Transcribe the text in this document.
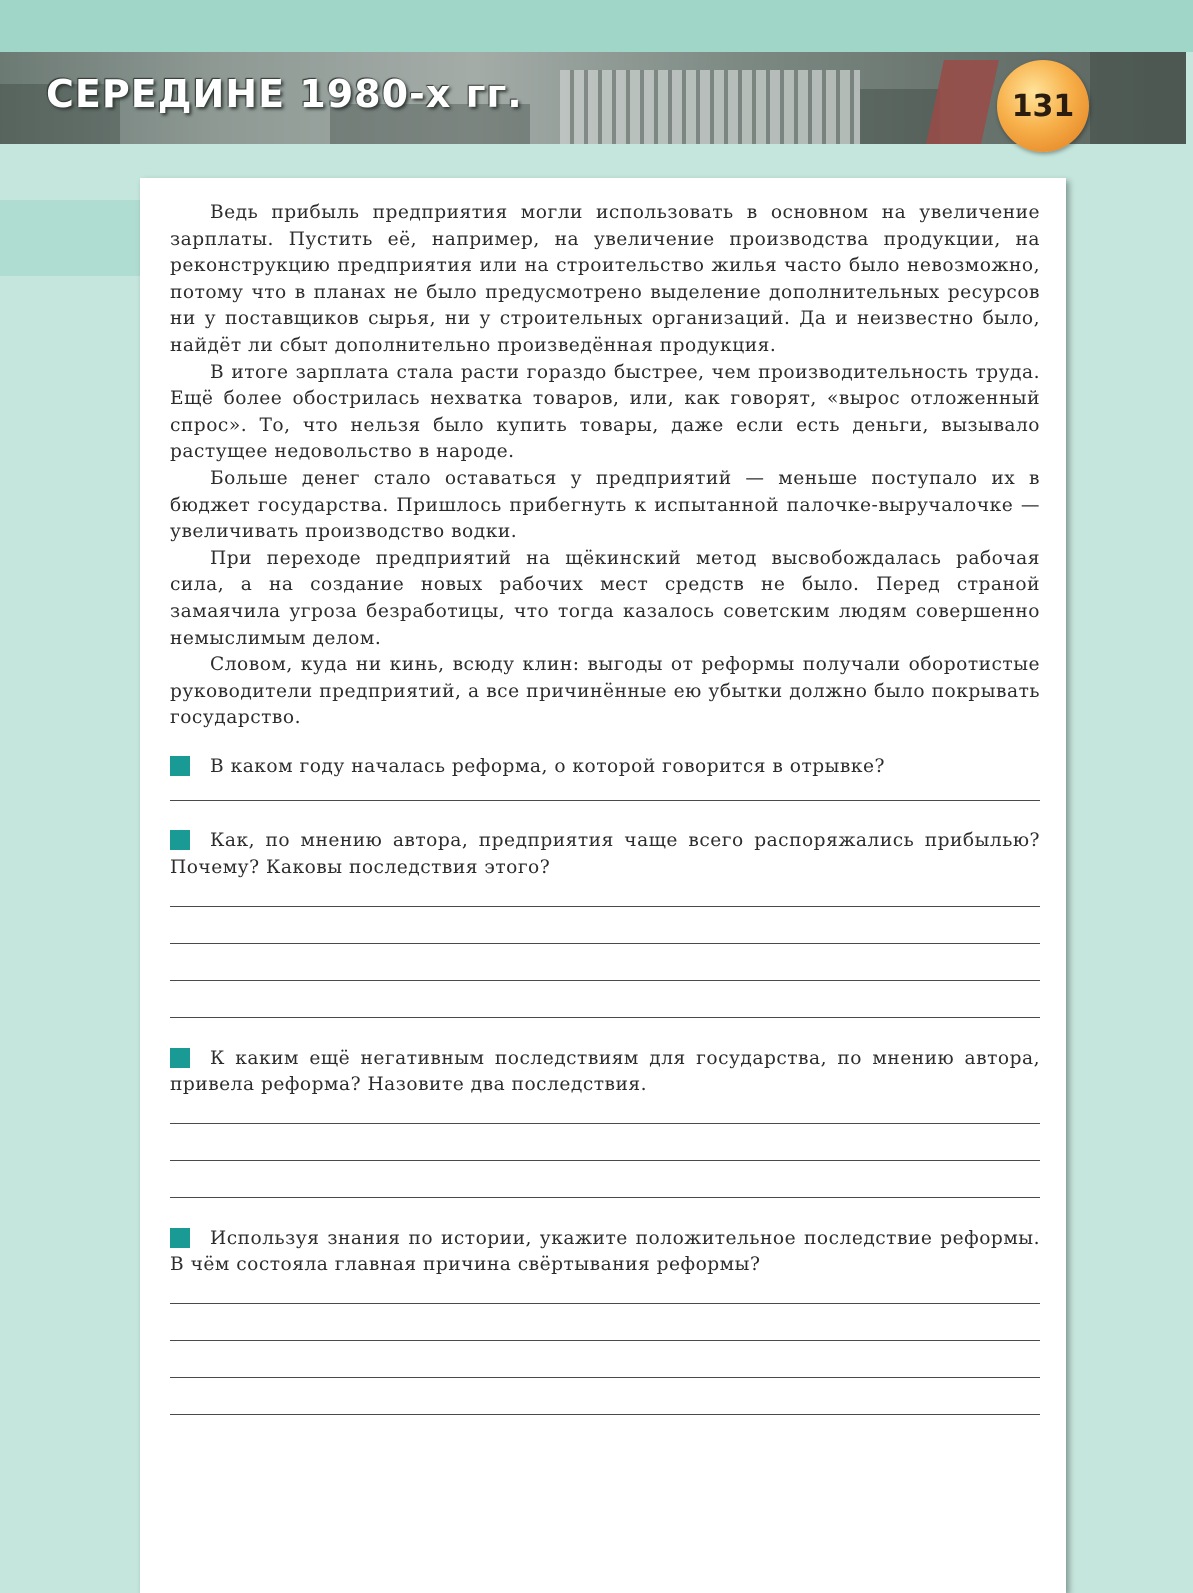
СЕРЕДИНЕ 1980-х гг.	131

Ведь прибыль предприятия могли использовать в основном на увеличение зарплаты. Пустить её, например, на увеличение производства продукции, на реконструкцию предприятия или на строительство жилья часто было невозможно, потому что в планах не было предусмотрено выделение дополнительных ресурсов ни у поставщиков сырья, ни у строительных организаций. Да и неизвестно было, найдёт ли сбыт дополнительно произведённая продукция.

В итоге зарплата стала расти гораздо быстрее, чем производительность труда. Ещё более обострилась нехватка товаров, или, как говорят, «вырос отложенный спрос». То, что нельзя было купить товары, даже если есть деньги, вызывало растущее недовольство в народе.

Больше денег стало оставаться у предприятий — меньше поступало их в бюджет государства. Пришлось прибегнуть к испытанной палочке-выручалочке — увеличивать производство водки.

При переходе предприятий на щёкинский метод высвобождалась рабочая сила, а на создание новых рабочих мест средств не было. Перед страной замаячила угроза безработицы, что тогда казалось советским людям совершенно немыслимым делом.

Словом, куда ни кинь, всюду клин: выгоды от реформы получали оборотистые руководители предприятий, а все причинённые ею убытки должно было покрывать государство.

В каком году началась реформа, о которой говорится в отрывке?

Как, по мнению автора, предприятия чаще всего распоряжались прибылью? Почему? Каковы последствия этого?

К каким ещё негативным последствиям для государства, по мнению автора, привела реформа? Назовите два последствия.

Используя знания по истории, укажите положительное последствие реформы. В чём состояла главная причина свёртывания реформы?
